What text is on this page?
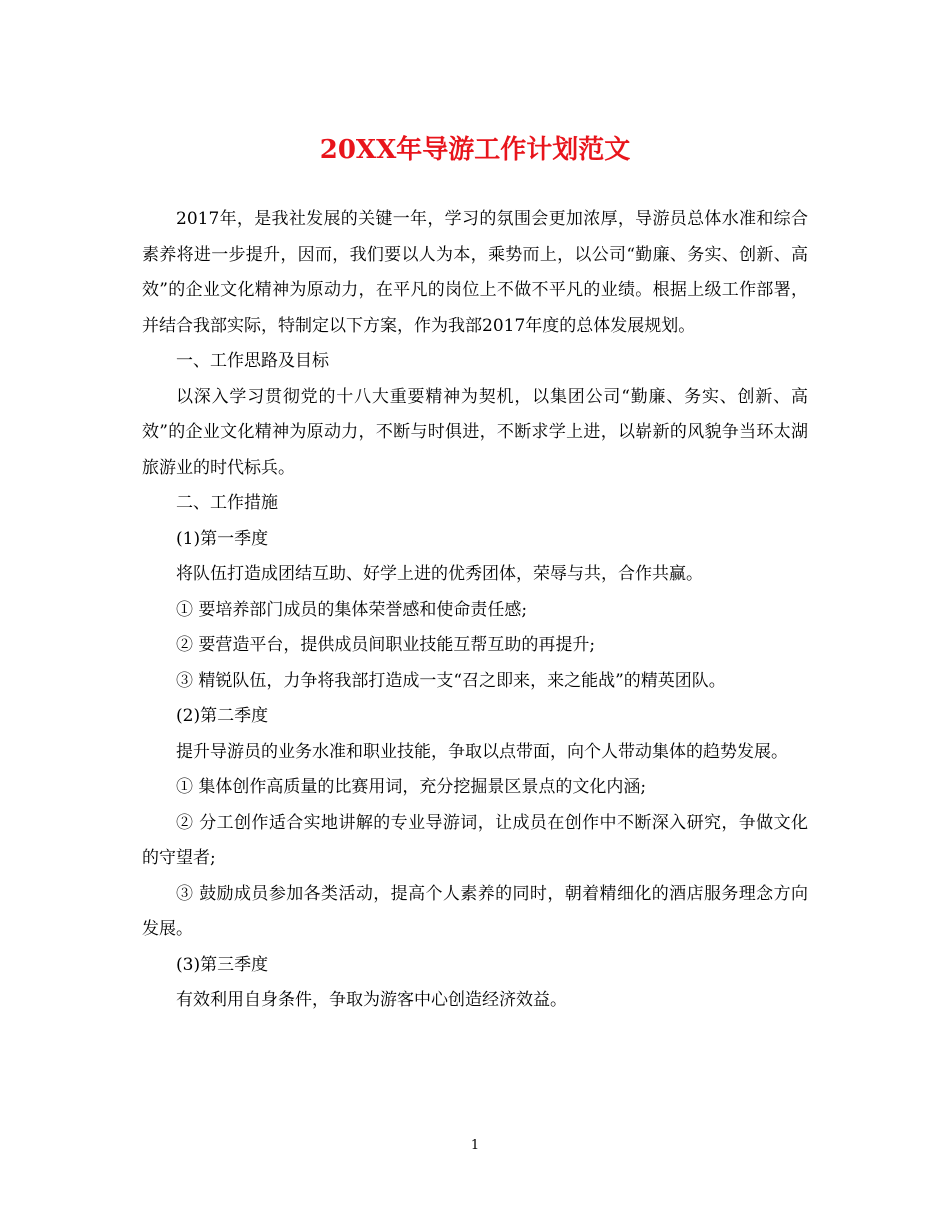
20XX年导游工作计划范文

2017年，是我社发展的关键一年，学习的氛围会更加浓厚，导游员总体水准和综合素养将进一步提升，因而，我们要以人为本，乘势而上，以公司“勤廉、务实、创新、高效”的企业文化精神为原动力，在平凡的岗位上不做不平凡的业绩。根据上级工作部署，并结合我部实际，特制定以下方案，作为我部2017年度的总体发展规划。

一、工作思路及目标

以深入学习贯彻党的十八大重要精神为契机，以集团公司“勤廉、务实、创新、高效”的企业文化精神为原动力，不断与时俱进，不断求学上进，以崭新的风貌争当环太湖旅游业的时代标兵。

二、工作措施

(1)第一季度

将队伍打造成团结互助、好学上进的优秀团体，荣辱与共，合作共赢。

① 要培养部门成员的集体荣誉感和使命责任感;

② 要营造平台，提供成员间职业技能互帮互助的再提升;

③ 精锐队伍，力争将我部打造成一支“召之即来，来之能战”的精英团队。

(2)第二季度

提升导游员的业务水准和职业技能，争取以点带面，向个人带动集体的趋势发展。

① 集体创作高质量的比赛用词，充分挖掘景区景点的文化内涵;

② 分工创作适合实地讲解的专业导游词，让成员在创作中不断深入研究，争做文化的守望者;

③ 鼓励成员参加各类活动，提高个人素养的同时，朝着精细化的酒店服务理念方向发展。

(3)第三季度

有效利用自身条件，争取为游客中心创造经济效益。

1
